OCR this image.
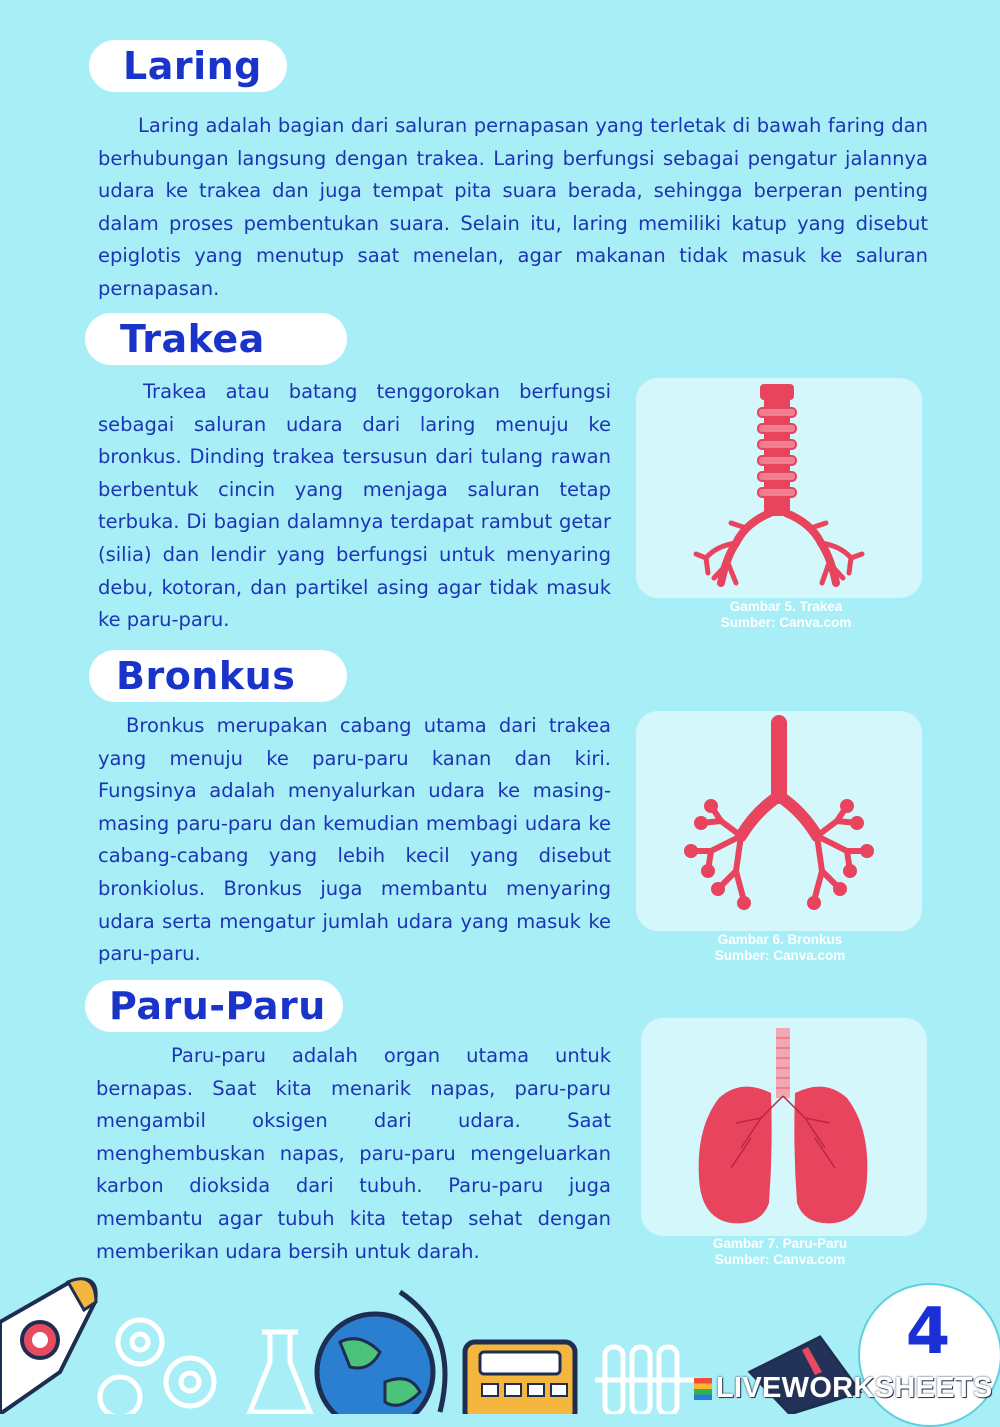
Laring

Laring adalah bagian dari saluran pernapasan yang terletak di bawah faring dan berhubungan langsung dengan trakea. Laring berfungsi sebagai pengatur jalannya udara ke trakea dan juga tempat pita suara berada, sehingga berperan penting dalam proses pembentukan suara. Selain itu, laring memiliki katup yang disebut epiglotis yang menutup saat menelan, agar makanan tidak masuk ke saluran pernapasan.

Trakea

Trakea atau batang tenggorokan berfungsi sebagai saluran udara dari laring menuju ke bronkus. Dinding trakea tersusun dari tulang rawan berbentuk cincin yang menjaga saluran tetap terbuka. Di bagian dalamnya terdapat rambut getar (silia) dan lendir yang berfungsi untuk menyaring debu, kotoran, dan partikel asing agar tidak masuk ke paru-paru.

Gambar 5. Trakea
Sumber: Canva.com
Bronkus

Bronkus merupakan cabang utama dari trakea yang menuju ke paru-paru kanan dan kiri. Fungsinya adalah menyalurkan udara ke masing-masing paru-paru dan kemudian membagi udara ke cabang-cabang yang lebih kecil yang disebut bronkiolus. Bronkus juga membantu menyaring udara serta mengatur jumlah udara yang masuk ke paru-paru.

Gambar 6. Bronkus
Sumber: Canva.com
Paru-Paru

Paru-paru adalah organ utama untuk bernapas. Saat kita menarik napas, paru-paru mengambil oksigen dari udara. Saat menghembuskan napas, paru-paru mengeluarkan karbon dioksida dari tubuh. Paru-paru juga membantu agar tubuh kita tetap sehat dengan memberikan udara bersih untuk darah.	Gambar 7. Paru-Paru
Sumber: Canva.com
4
LIVEWORKSHEETS
